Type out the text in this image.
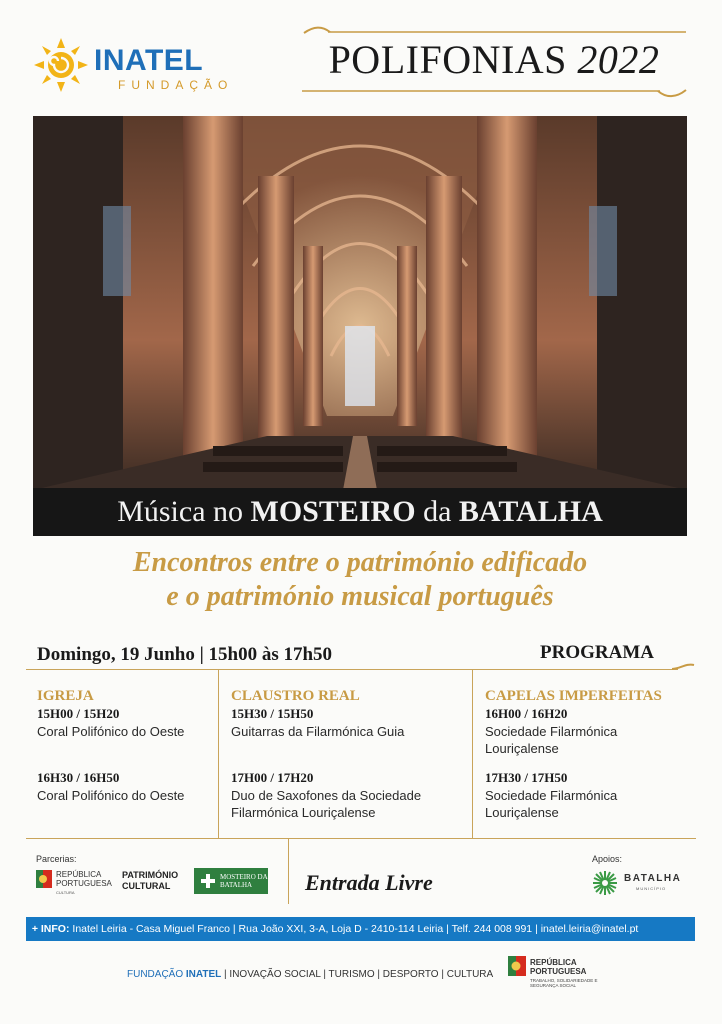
INATEL
FUNDAÇÃO
POLIFONIAS 2022
Música no MOSTEIRO da BATALHA
Encontros entre o património edificado
e o património musical português
Domingo, 19 Junho | 15h00 às 17h50	PROGRAMA
IGREJA
15H00 / 15H20
Coral Polifónico do Oeste
16H30 / 16H50
Coral Polifónico do Oeste
CLAUSTRO REAL
15H30 / 15H50
Guitarras da Filarmónica Guia
17H00 / 17H20
Duo de Saxofones da Sociedade Filarmónica Louriçalense
CAPELAS IMPERFEITAS
16H00 / 16H20
Sociedade Filarmónica Louriçalense
17H30 / 17H50
Sociedade Filarmónica Louriçalense
Parcerias:
REPÚBLICA
PORTUGUESA
CULTURA
PATRIMÓNIO
CULTURAL
MOSTEIRO DA
BATALHA	Entrada Livre
Apoios:
BATALHA
MUNICÍPIO
+ INFO: Inatel Leiria - Casa Miguel Franco | Rua João XXI, 3-A, Loja D - 2410-114 Leiria | Telf. 244 008 991 | inatel.leiria@inatel.pt
FUNDAÇÃO INATEL | INOVAÇÃO SOCIAL | TURISMO | DESPORTO | CULTURA
REPÚBLICA
PORTUGUESA
TRABALHO, SOLIDARIEDADE E SEGURANÇA SOCIAL
